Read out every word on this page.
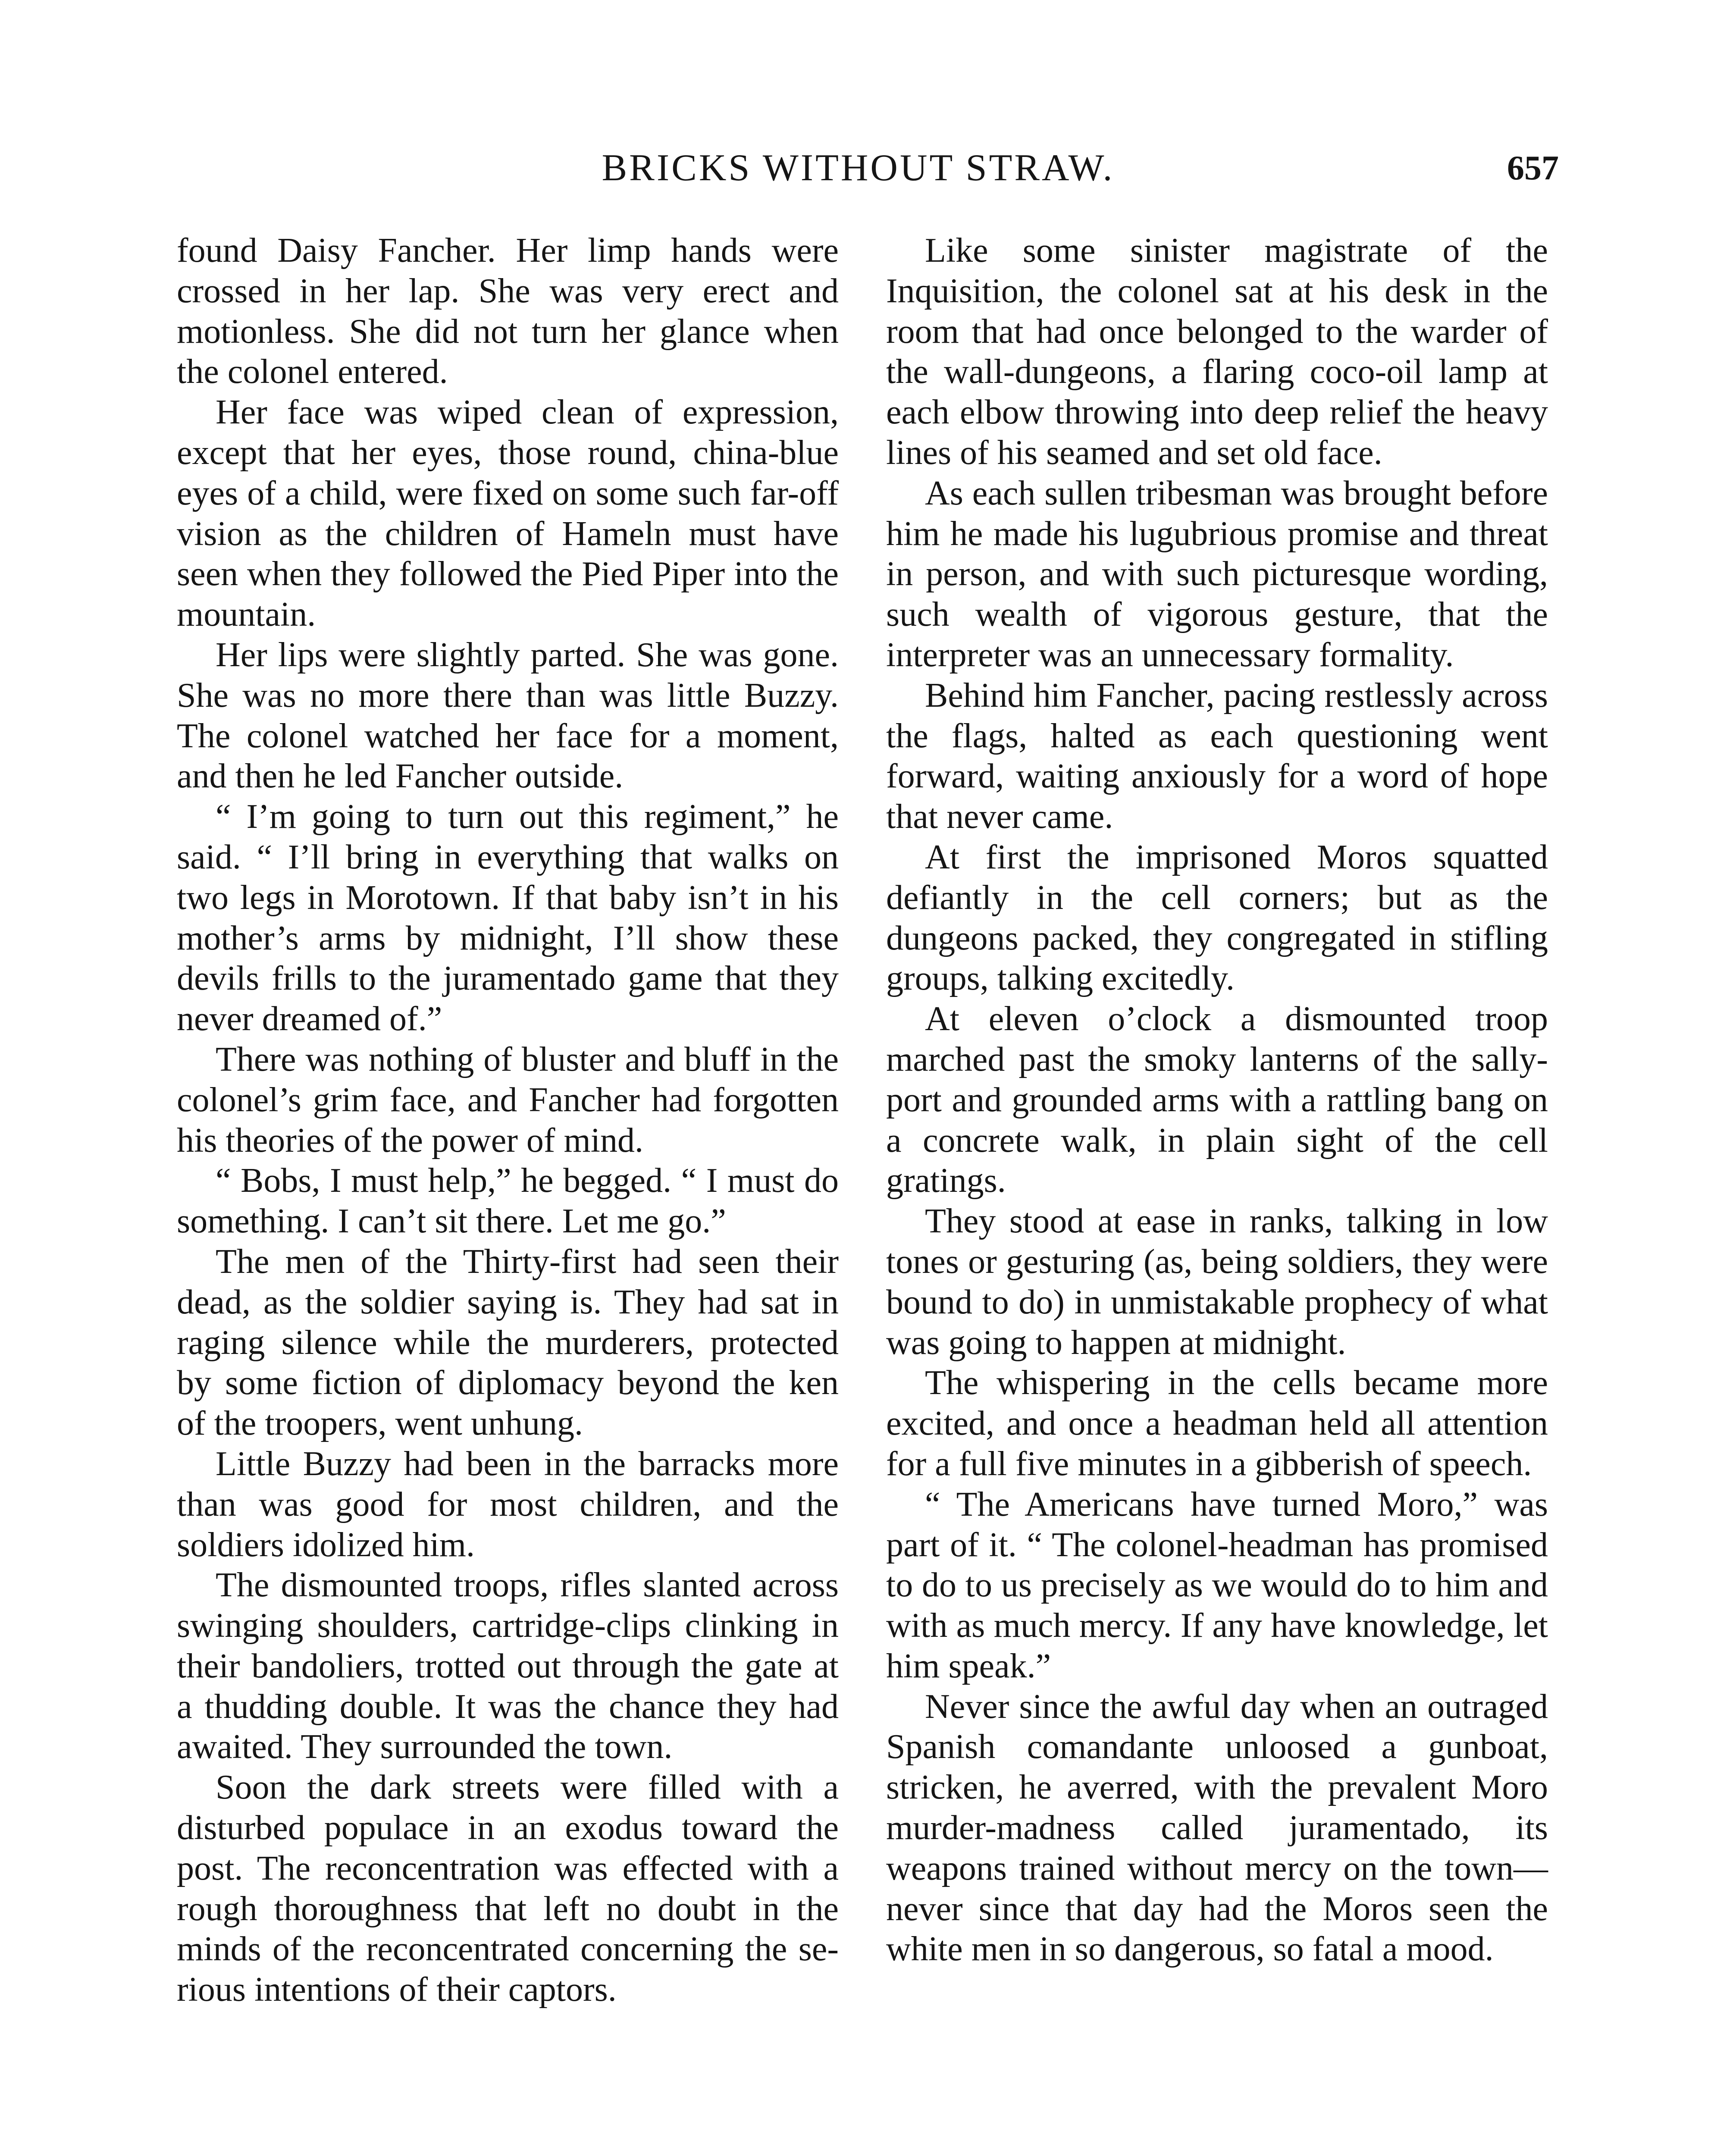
BRICKS WITHOUT STRAW.	657

found Daisy Fancher. Her limp hands were crossed in her lap. She was very erect and motionless. She did not turn her glance when the colonel entered.

Her face was wiped clean of expression, except that her eyes, those round, china-blue eyes of a child, were fixed on some such far-off vision as the children of Hameln must have seen when they followed the Pied Piper into the mountain.

Her lips were slightly parted. She was gone. She was no more there than was little Buzzy. The colonel watched her face for a moment, and then he led Fancher outside.

“ I’m going to turn out this regiment,” he said. “ I’ll bring in everything that walks on two legs in Morotown. If that baby isn’t in his mother’s arms by midnight, I’ll show these devils frills to the juramentado game that they never dreamed of.”

There was nothing of bluster and bluff in the colonel’s grim face, and Fancher had forgotten his theories of the power of mind.

“ Bobs, I must help,” he begged. “ I must do something. I can’t sit there. Let me go.”

The men of the Thirty-first had seen their dead, as the soldier saying is. They had sat in raging silence while the murderers, protected by some fiction of diplomacy beyond the ken of the troopers, went unhung.

Little Buzzy had been in the barracks more than was good for most children, and the soldiers idolized him.

The dismounted troops, rifles slanted across swinging shoulders, cartridge-clips clinking in their bandoliers, trotted out through the gate at a thudding double. It was the chance they had awaited. They surrounded the town.

Soon the dark streets were filled with a disturbed populace in an exodus toward the post. The reconcentration was effected with a rough thoroughness that left no doubt in the minds of the reconcentrated concerning the serious intentions of their captors.

Like some sinister magistrate of the Inquisition, the colonel sat at his desk in the room that had once belonged to the warder of the wall-dungeons, a flaring coco-oil lamp at each elbow throwing into deep relief the heavy lines of his seamed and set old face.

As each sullen tribesman was brought before him he made his lugubrious promise and threat in person, and with such picturesque wording, such wealth of vigorous gesture, that the interpreter was an unnecessary formality.

Behind him Fancher, pacing restlessly across the flags, halted as each questioning went forward, waiting anxiously for a word of hope that never came.

At first the imprisoned Moros squatted defiantly in the cell corners; but as the dungeons packed, they congregated in stifling groups, talking excitedly.

At eleven o’clock a dismounted troop marched past the smoky lanterns of the sally-port and grounded arms with a rattling bang on a concrete walk, in plain sight of the cell gratings.

They stood at ease in ranks, talking in low tones or gesturing (as, being soldiers, they were bound to do) in unmistakable prophecy of what was going to happen at midnight.

The whispering in the cells became more excited, and once a headman held all attention for a full five minutes in a gibberish of speech.

“ The Americans have turned Moro,” was part of it. “ The colonel-headman has promised to do to us precisely as we would do to him and with as much mercy. If any have knowledge, let him speak.”

Never since the awful day when an outraged Spanish comandante unloosed a gunboat, stricken, he averred, with the prevalent Moro murder-madness called juramentado, its weapons trained without mercy on the town—never since that day had the Moros seen the white men in so dangerous, so fatal a mood.
